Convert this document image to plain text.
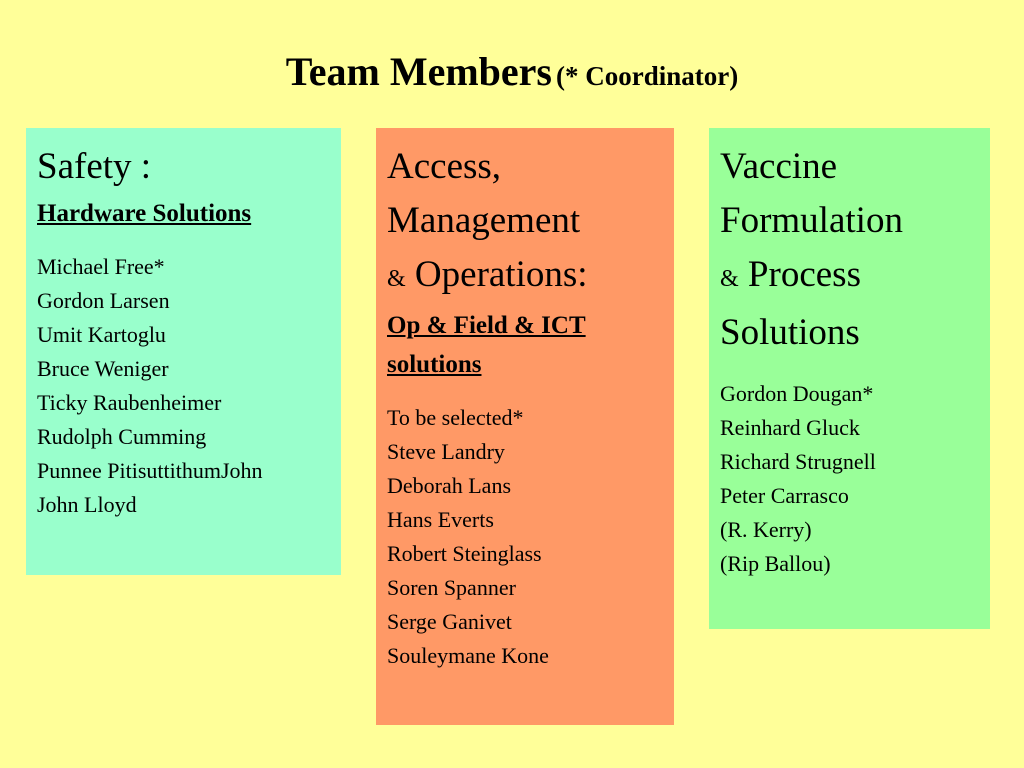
Team Members (* Coordinator)
Safety :
Hardware Solutions
Michael Free*
Gordon Larsen
Umit Kartoglu
Bruce Weniger
Ticky Raubenheimer
Rudolph Cumming
Punnee PitisuttithumJohn
John Lloyd
Access,
Management
& Operations:
Op & Field & ICT
solutions
To be selected*
Steve Landry
Deborah Lans
Hans Everts
Robert Steinglass
Soren Spanner
Serge Ganivet
Souleymane Kone
Vaccine
Formulation
& Process
Solutions
Gordon Dougan*
Reinhard Gluck
Richard Strugnell
Peter Carrasco
(R. Kerry)
(Rip Ballou)
